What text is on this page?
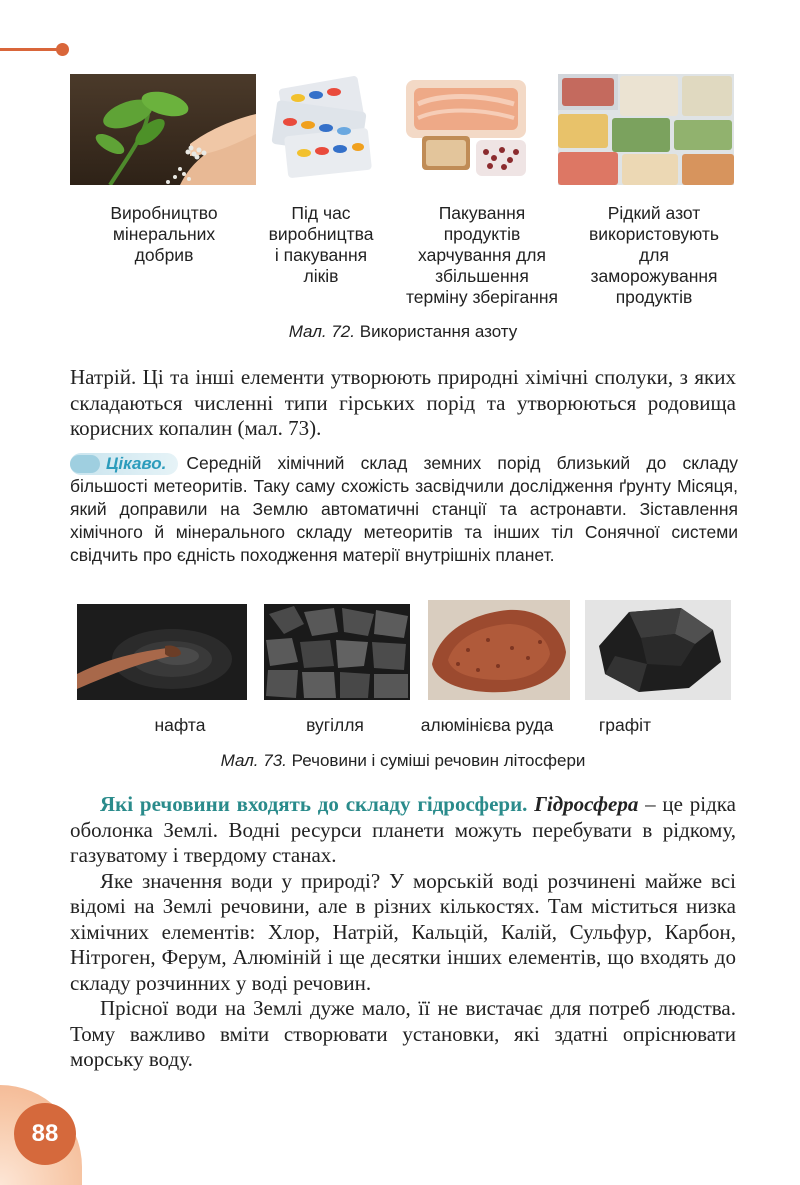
Виробництво
мінеральних
добрив
Під час
виробництва
і пакування
ліків
Пакування
продуктів
харчування для
збільшення
терміну зберігання
Рідкий азот
використовують
для
заморожування
продуктів
Мал. 72. Використання азоту

Натрій. Ці та інші елементи утворюють природні хімічні сполуки, з яких складаються численні типи гірських порід та утворюються родовища корисних копалин (мал. 73).

Цікаво. Середній хімічний склад земних порід близький до складу більшості метеоритів. Таку саму схожість засвідчили дослідження ґрунту Місяця, який доправили на Землю автоматичні станції та астронавти. Зіставлення хімічного й мінерального складу метеоритів та інших тіл Сонячної системи свідчить про єдність походження матерії внутрішніх планет.
нафта	вугілля	алюмінієва руда	графіт
Мал. 73. Речовини і суміші речовин літосфери

Які речовини входять до складу гідросфери. Гідросфера – це рідка оболонка Землі. Водні ресурси планети можуть перебувати в рідкому, газуватому і твердому станах.

Яке значення води у природі? У морській воді розчинені майже всі відомі на Землі речовини, але в різних кількостях. Там міститься низка хімічних елементів: Хлор, Натрій, Кальцій, Калій, Сульфур, Карбон, Нітроген, Ферум, Алюміній і ще десятки інших елементів, що входять до складу розчинних у воді речовин.

Прісної води на Землі дуже мало, її не вистачає для потреб людства. Тому важливо вміти створювати установки, які здатні опріснювати морську воду.

88
